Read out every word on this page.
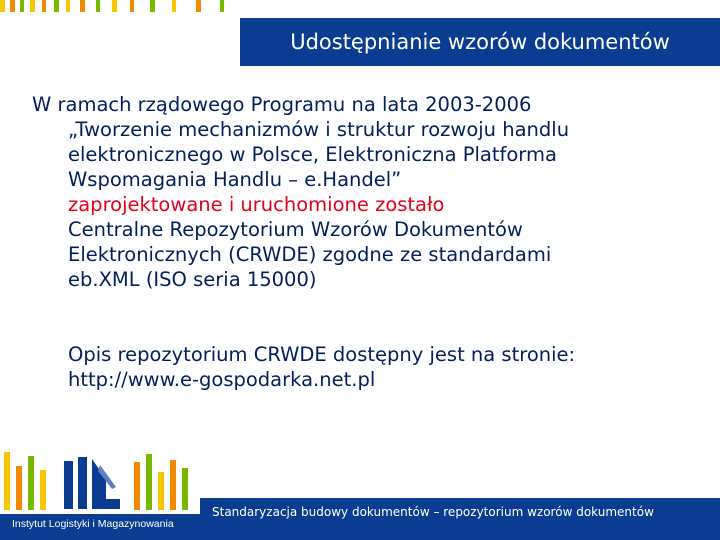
Udostępnianie wzorów dokumentów
W ramach rządowego Programu na lata 2003-2006
„Tworzenie mechanizmów i struktur rozwoju handlu
elektronicznego w Polsce, Elektroniczna Platforma
Wspomagania Handlu – e.Handel”
zaprojektowane i uruchomione zostało
Centralne Repozytorium Wzorów Dokumentów
Elektronicznych (CRWDE) zgodne ze standardami
eb.XML (ISO seria 15000)
Opis repozytorium CRWDE dostępny jest na stronie:
http://www.e-gospodarka.net.pl
Instytut Logistyki i Magazynowania
Standaryzacja budowy dokumentów – repozytorium wzorów dokumentów
